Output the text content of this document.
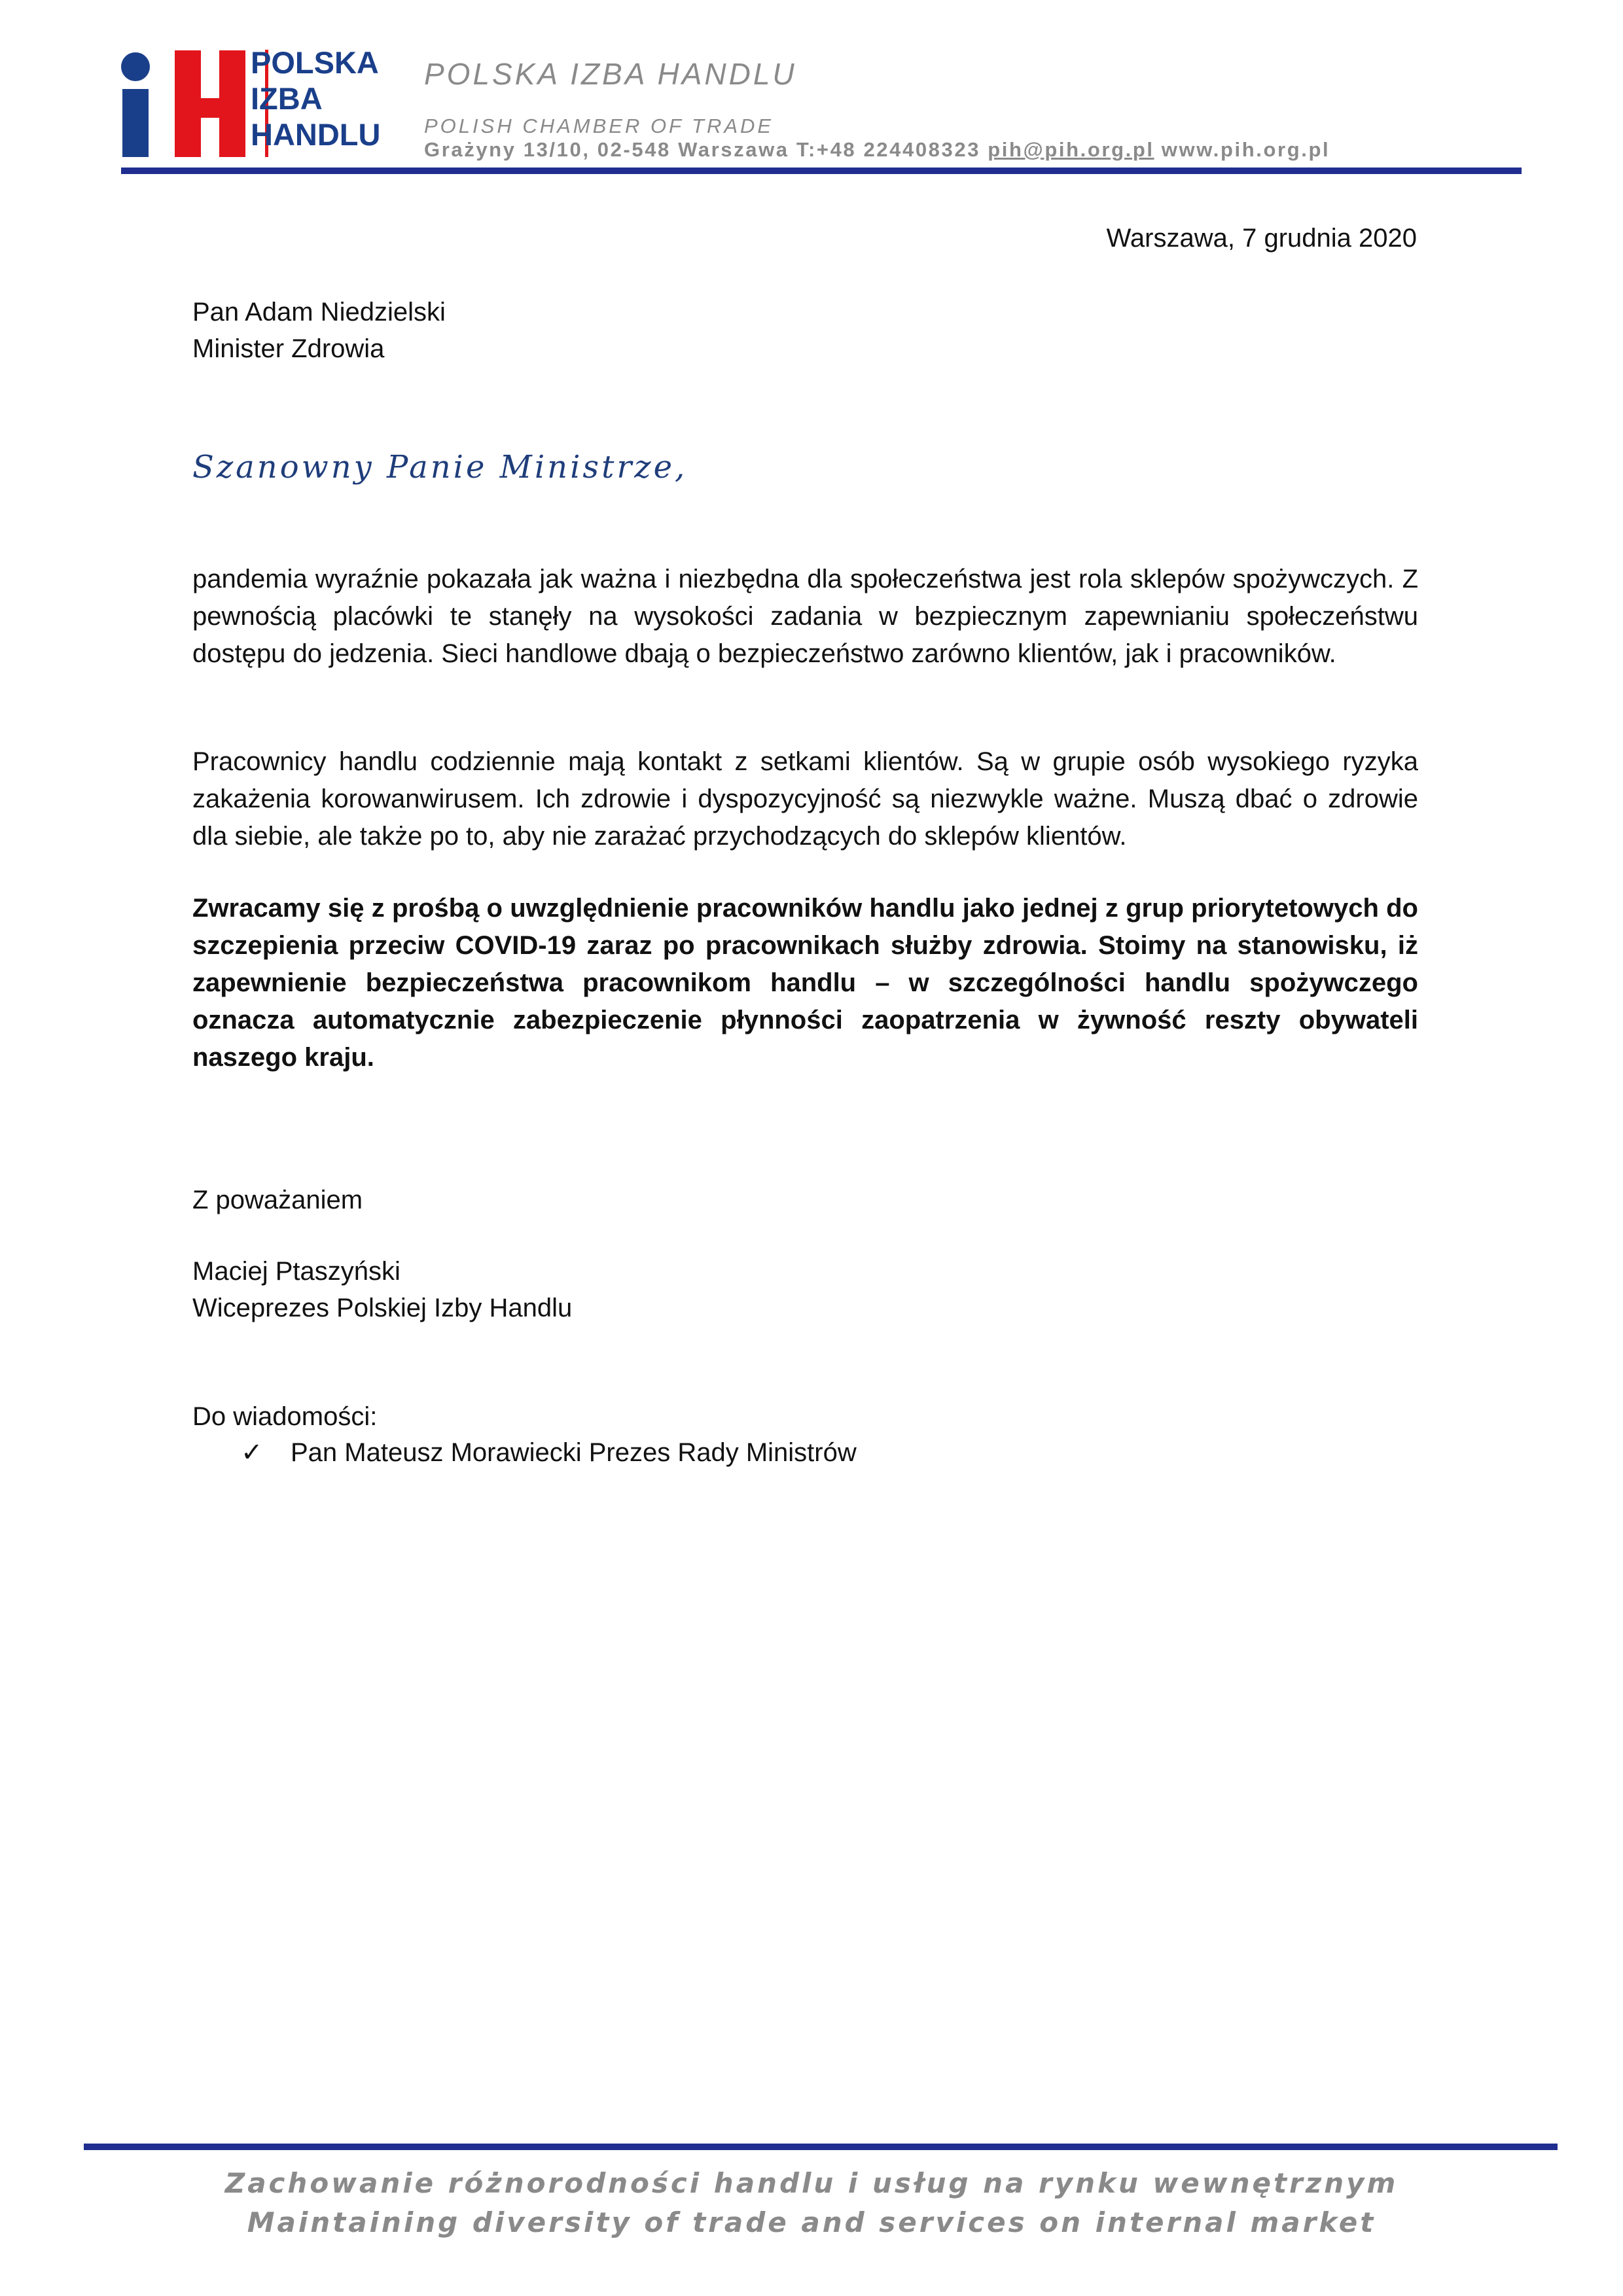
POLSKA
IZBA
HANDLU
POLSKA IZBA HANDLU
POLISH CHAMBER OF TRADE
Grażyny 13/10, 02-548 Warszawa T:+48 224408323 pih@pih.org.pl www.pih.org.pl
Warszawa, 7 grudnia 2020
Pan Adam Niedzielski
Minister Zdrowia
Szanowny Panie Ministrze,
pandemia wyraźnie pokazała jak ważna i niezbędna dla społeczeństwa jest rola sklepów spożywczych. Z pewnością placówki te stanęły na wysokości zadania w bezpiecznym zapewnianiu społeczeństwu dostępu do jedzenia. Sieci handlowe dbają o bezpieczeństwo zarówno klientów, jak i pracowników.
Pracownicy handlu codziennie mają kontakt z setkami klientów. Są w grupie osób wysokiego ryzyka zakażenia korowanwirusem. Ich zdrowie i dyspozycyjność są niezwykle ważne. Muszą dbać o zdrowie dla siebie, ale także po to, aby nie zarażać przychodzących do sklepów klientów.
Zwracamy się z prośbą o uwzględnienie pracowników handlu jako jednej z grup priorytetowych do szczepienia przeciw COVID-19 zaraz po pracownikach służby zdrowia. Stoimy na stanowisku, iż zapewnienie bezpieczeństwa pracownikom handlu – w szczególności handlu spożywczego oznacza automatycznie zabezpieczenie płynności zaopatrzenia w żywność reszty obywateli naszego kraju.
Z poważaniem
Maciej Ptaszyński
Wiceprezes Polskiej Izby Handlu
Do wiadomości:
✓ Pan Mateusz Morawiecki Prezes Rady Ministrów
Zachowanie różnorodności handlu i usług na rynku wewnętrznym
Maintaining diversity of trade and services on internal market
